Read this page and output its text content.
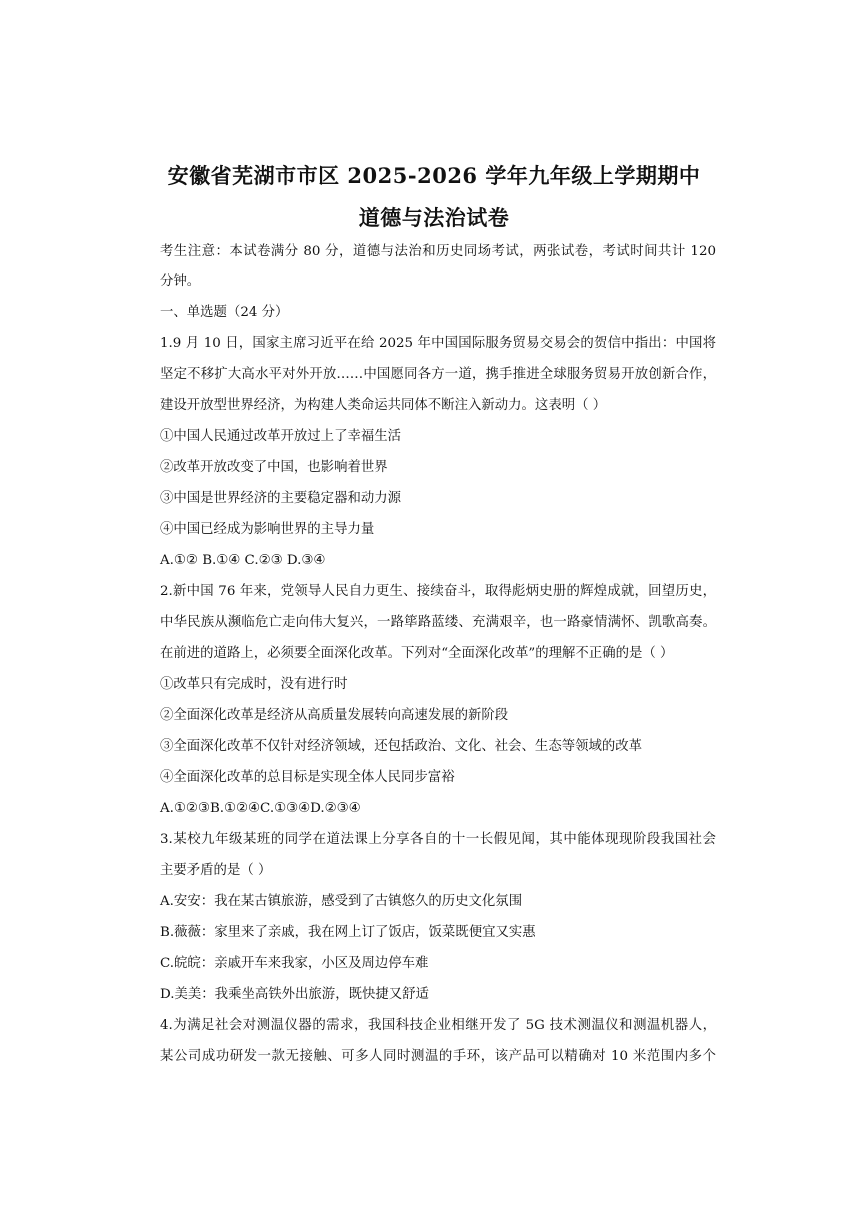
安徽省芜湖市市区 2025-2026 学年九年级上学期期中
道德与法治试卷
考生注意：本试卷满分 80 分，道德与法治和历史同场考试，两张试卷，考试时间共计 120
分钟。
一、单选题（24 分）
1.9 月 10 日，国家主席习近平在给 2025 年中国国际服务贸易交易会的贺信中指出：中国将
坚定不移扩大高水平对外开放……中国愿同各方一道，携手推进全球服务贸易开放创新合作，
建设开放型世界经济，为构建人类命运共同体不断注入新动力。这表明（ ）
①中国人民通过改革开放过上了幸福生活
②改革开放改变了中国，也影响着世界
③中国是世界经济的主要稳定器和动力源
④中国已经成为影响世界的主导力量
A.①② B.①④ C.②③ D.③④
2.新中国 76 年来，党领导人民自力更生、接续奋斗，取得彪炳史册的辉煌成就，回望历史，
中华民族从濒临危亡走向伟大复兴，一路筚路蓝缕、充满艰辛，也一路豪情满怀、凯歌高奏。
在前进的道路上，必须要全面深化改革。下列对“全面深化改革”的理解不正确的是（ ）
①改革只有完成时，没有进行时
②全面深化改革是经济从高质量发展转向高速发展的新阶段
③全面深化改革不仅针对经济领域，还包括政治、文化、社会、生态等领域的改革
④全面深化改革的总目标是实现全体人民同步富裕
A.①②③B.①②④C.①③④D.②③④
3.某校九年级某班的同学在道法课上分享各自的十一长假见闻，其中能体现现阶段我国社会
主要矛盾的是（ ）
A.安安：我在某古镇旅游，感受到了古镇悠久的历史文化氛围
B.薇薇：家里来了亲戚，我在网上订了饭店，饭菜既便宜又实惠
C.皖皖：亲戚开车来我家，小区及周边停车难
D.美美：我乘坐高铁外出旅游，既快捷又舒适
4.为满足社会对测温仪器的需求，我国科技企业相继开发了 5G 技术测温仪和测温机器人，
某公司成功研发一款无接触、可多人同时测温的手环，该产品可以精确对 10 米范围内多个
